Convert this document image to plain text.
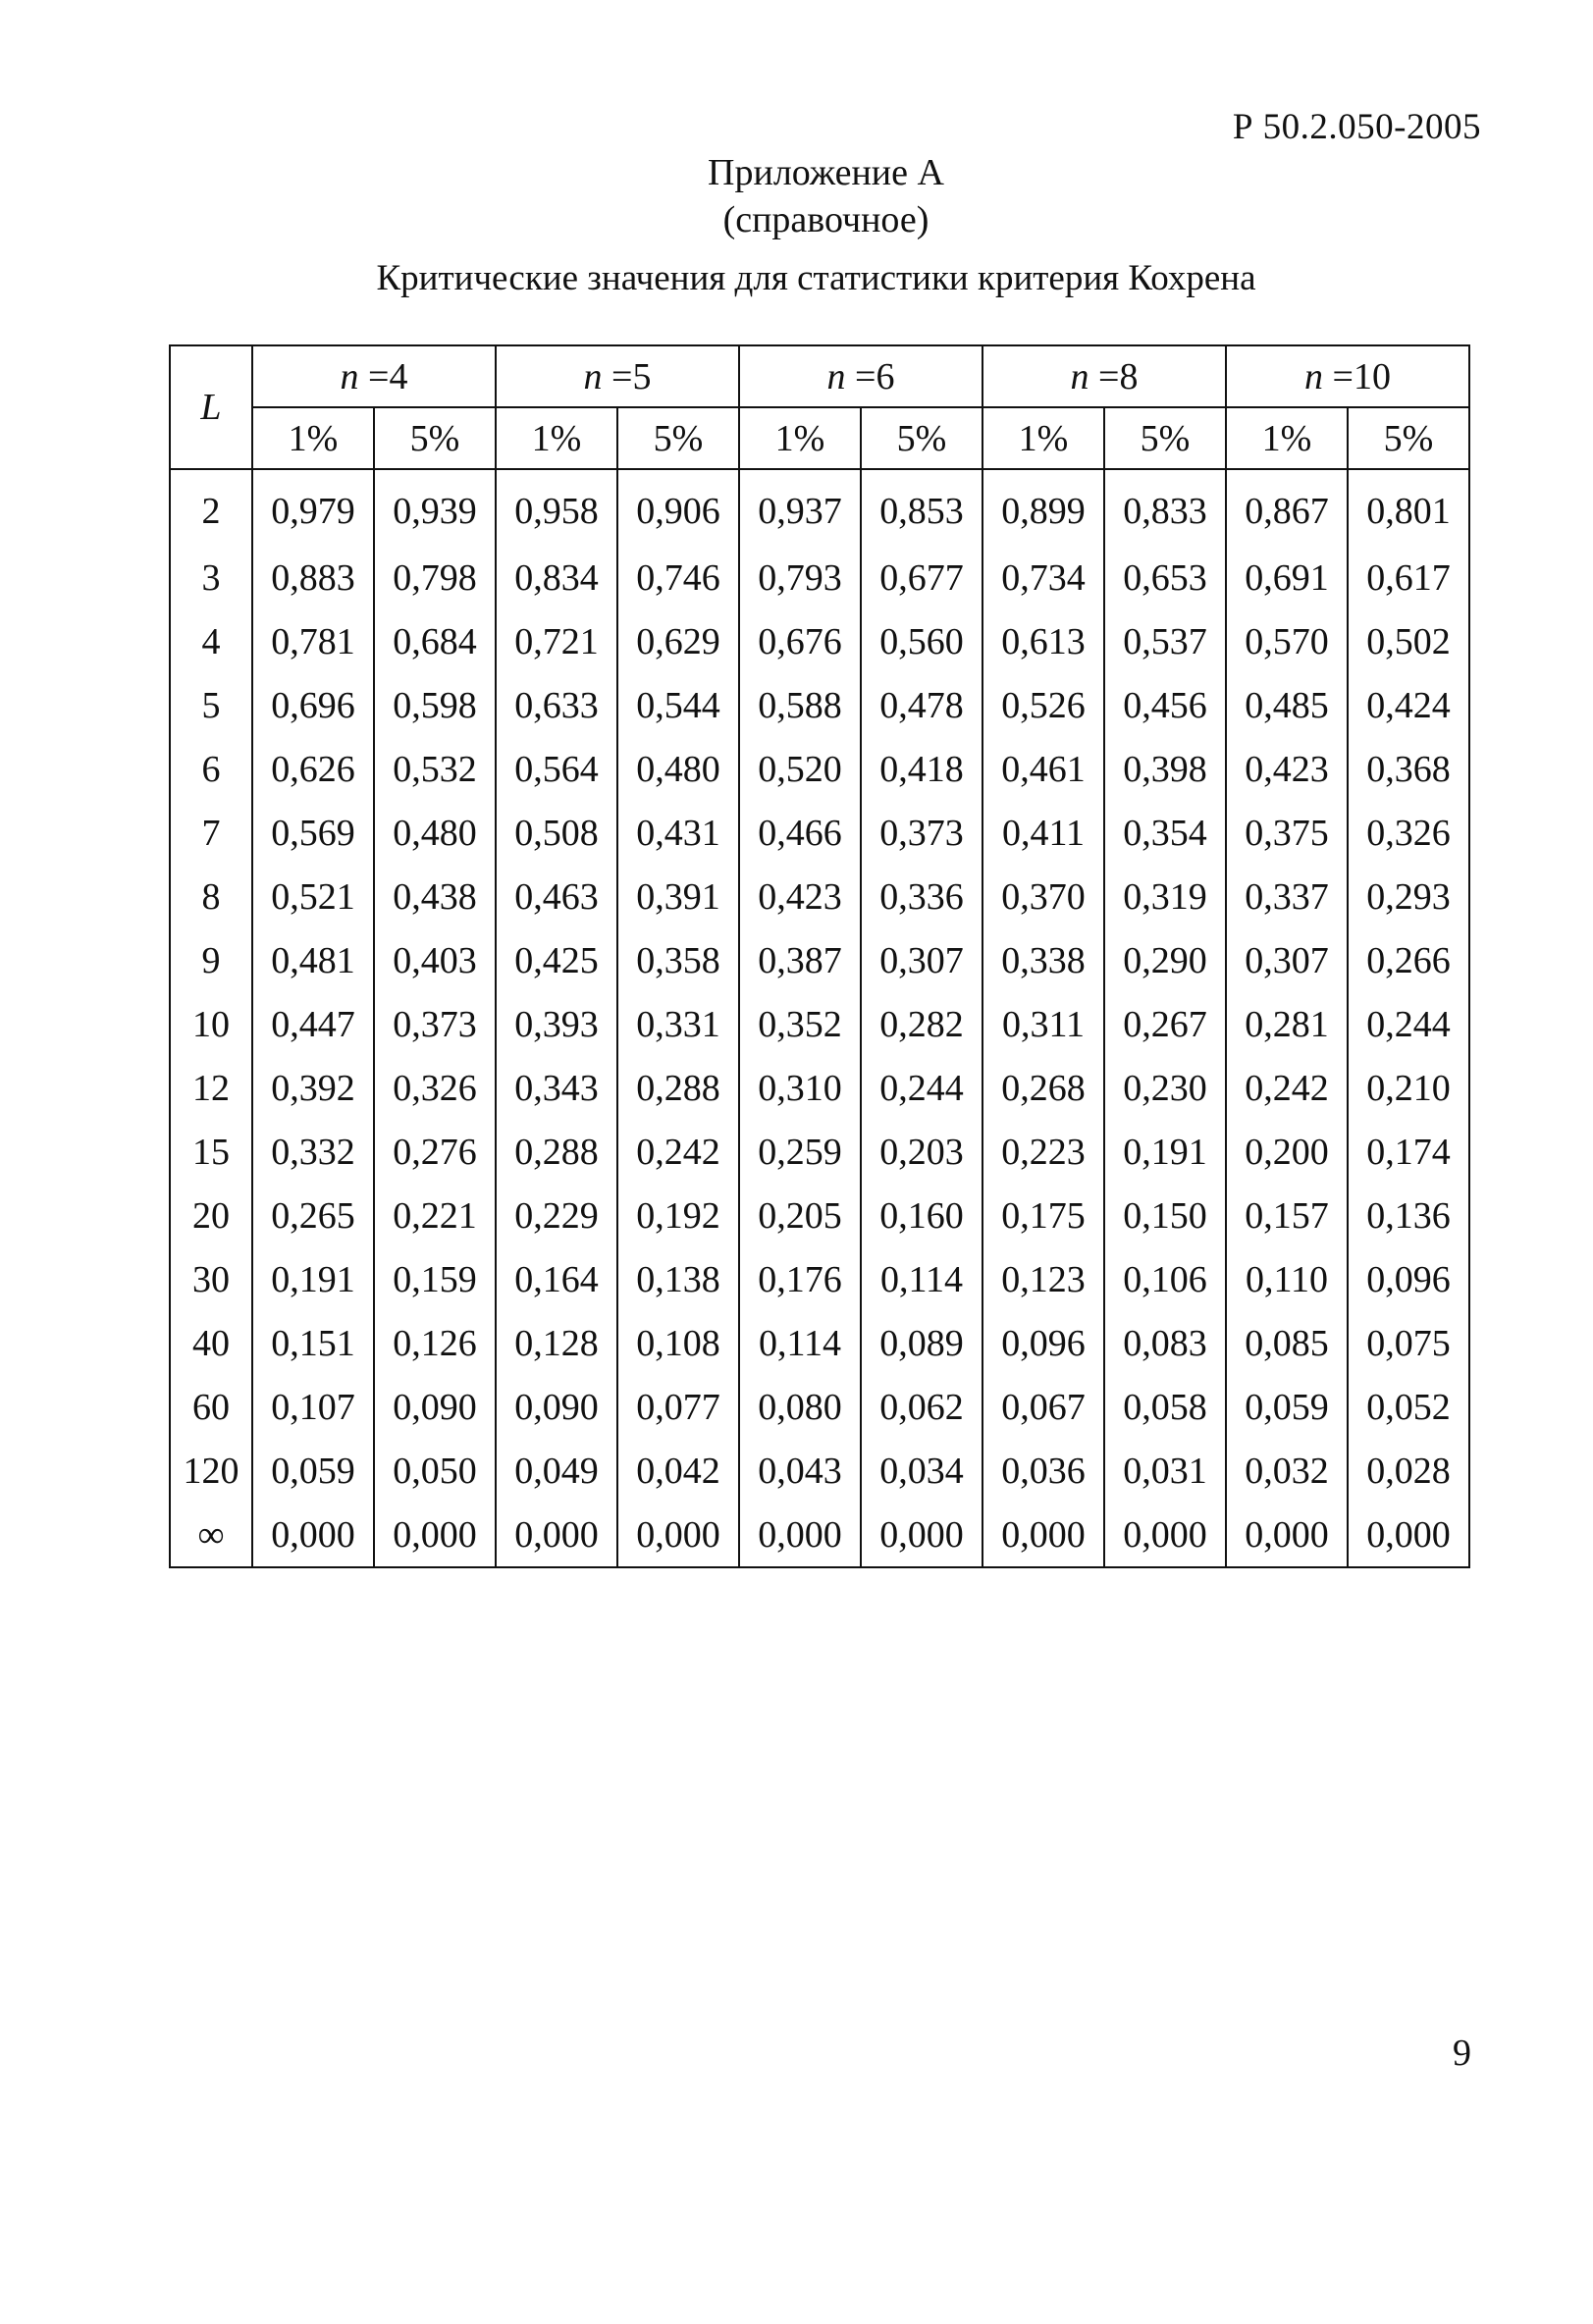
Р 50.2.050-2005
Приложение А
(справочное)
Критические значения для статистики критерия Кохрена
L	n =4		n =5		n =6		n =8		n =10	
	1%	5%	1%	5%	1%	5%	1%	5%	1%	5%
2	0,979	0,939	0,958	0,906	0,937	0,853	0,899	0,833	0,867	0,801
3	0,883	0,798	0,834	0,746	0,793	0,677	0,734	0,653	0,691	0,617
4	0,781	0,684	0,721	0,629	0,676	0,560	0,613	0,537	0,570	0,502
5	0,696	0,598	0,633	0,544	0,588	0,478	0,526	0,456	0,485	0,424
6	0,626	0,532	0,564	0,480	0,520	0,418	0,461	0,398	0,423	0,368
7	0,569	0,480	0,508	0,431	0,466	0,373	0,411	0,354	0,375	0,326
8	0,521	0,438	0,463	0,391	0,423	0,336	0,370	0,319	0,337	0,293
9	0,481	0,403	0,425	0,358	0,387	0,307	0,338	0,290	0,307	0,266
10	0,447	0,373	0,393	0,331	0,352	0,282	0,311	0,267	0,281	0,244
12	0,392	0,326	0,343	0,288	0,310	0,244	0,268	0,230	0,242	0,210
15	0,332	0,276	0,288	0,242	0,259	0,203	0,223	0,191	0,200	0,174
20	0,265	0,221	0,229	0,192	0,205	0,160	0,175	0,150	0,157	0,136
30	0,191	0,159	0,164	0,138	0,176	0,114	0,123	0,106	0,110	0,096
40	0,151	0,126	0,128	0,108	0,114	0,089	0,096	0,083	0,085	0,075
60	0,107	0,090	0,090	0,077	0,080	0,062	0,067	0,058	0,059	0,052
120	0,059	0,050	0,049	0,042	0,043	0,034	0,036	0,031	0,032	0,028
∞	0,000	0,000	0,000	0,000	0,000	0,000	0,000	0,000	0,000	0,000
9
